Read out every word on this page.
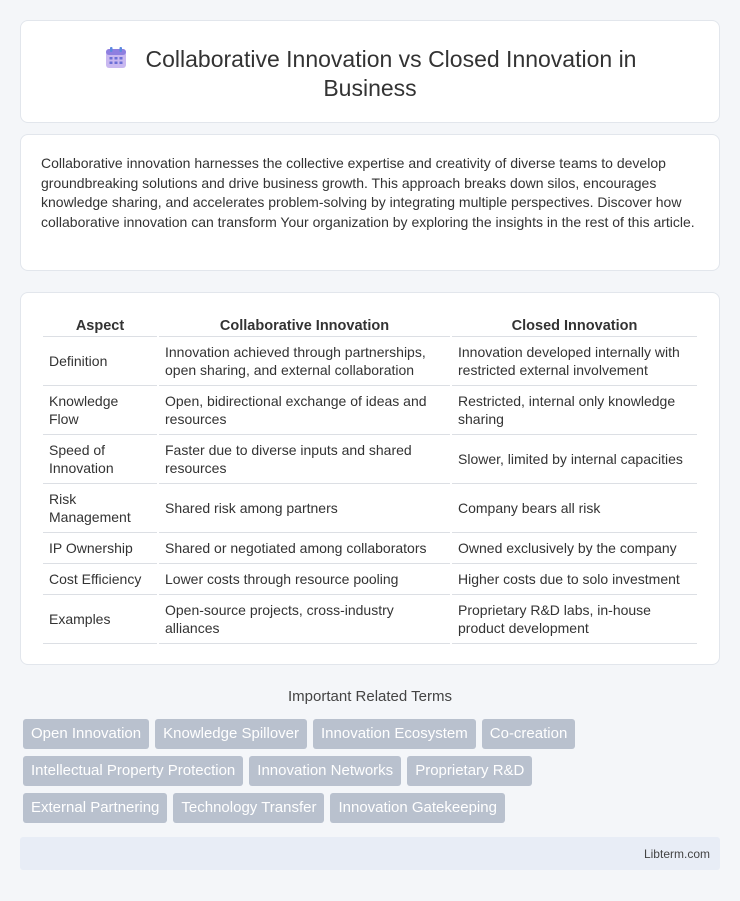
Collaborative Innovation vs Closed Innovation in Business

Collaborative innovation harnesses the collective expertise and creativity of diverse teams to develop groundbreaking solutions and drive business growth. This approach breaks down silos, encourages knowledge sharing, and accelerates problem-solving by integrating multiple perspectives. Discover how collaborative innovation can transform Your organization by exploring the insights in the rest of this article.

Aspect	Collaborative Innovation	Closed Innovation
Definition	Innovation achieved through partnerships, open sharing, and external collaboration	Innovation developed internally with restricted external involvement
Knowledge Flow	Open, bidirectional exchange of ideas and resources	Restricted, internal only knowledge sharing
Speed of Innovation	Faster due to diverse inputs and shared resources	Slower, limited by internal capacities
Risk Management	Shared risk among partners	Company bears all risk
IP Ownership	Shared or negotiated among collaborators	Owned exclusively by the company
Cost Efficiency	Lower costs through resource pooling	Higher costs due to solo investment
Examples	Open-source projects, cross-industry alliances	Proprietary R&D labs, in-house product development
Important Related Terms
Open Innovation	Knowledge Spillover	Innovation Ecosystem	Co-creation
Intellectual Property Protection	Innovation Networks	Proprietary R&D
External Partnering	Technology Transfer	Innovation Gatekeeping
Libterm.com
